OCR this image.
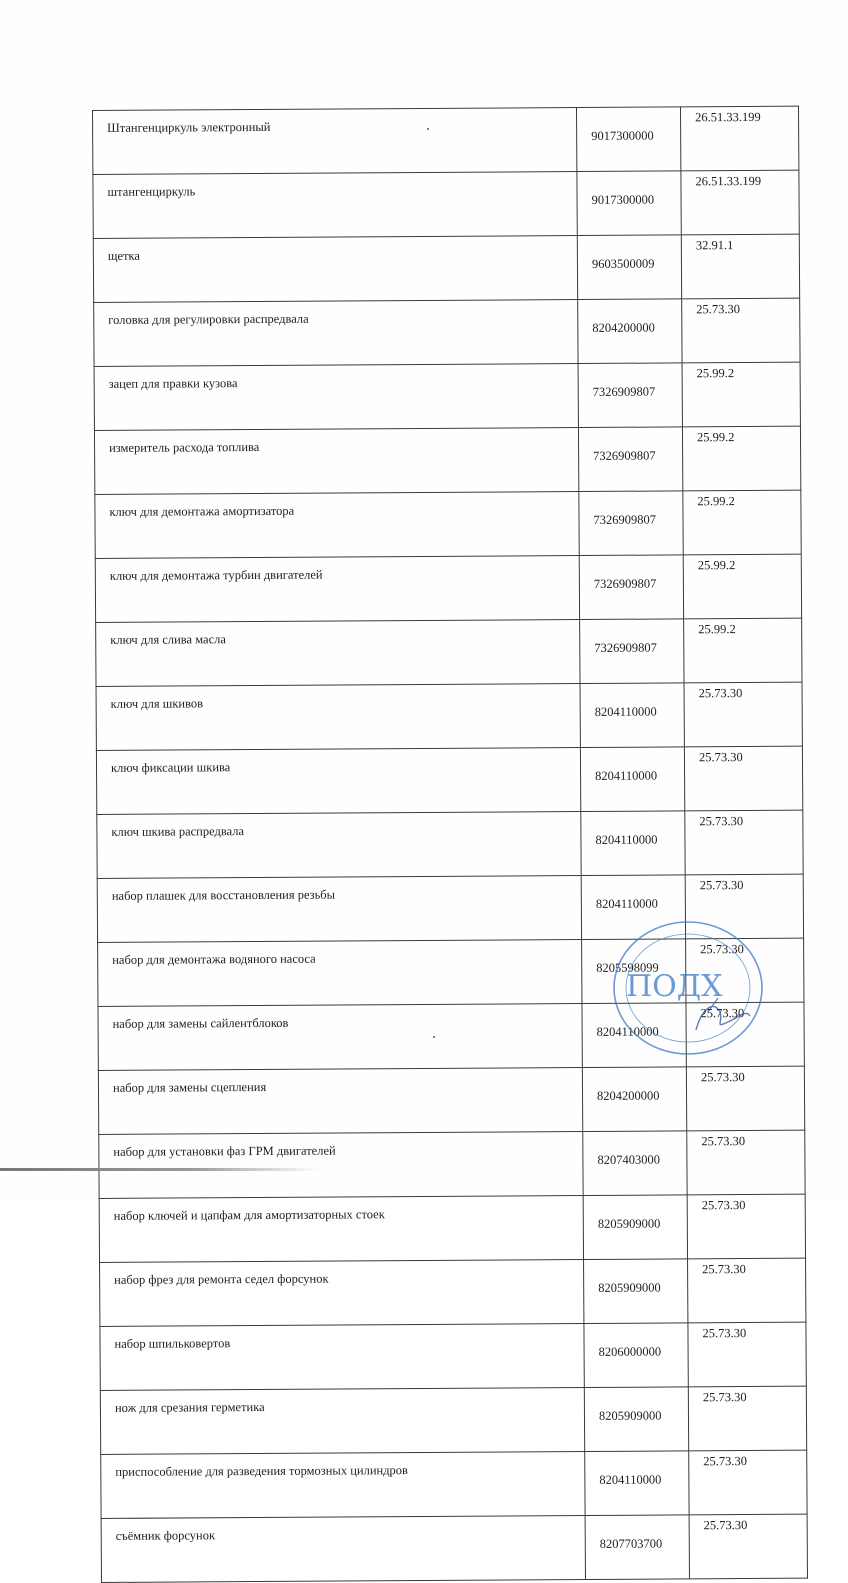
Штангенциркуль электронный	9017300000	26.51.33.199
штангенциркуль	9017300000	26.51.33.199
щетка	9603500009	32.91.1
головка для регулировки распредвала	8204200000	25.73.30
зацеп для правки кузова	7326909807	25.99.2
измеритель расхода топлива	7326909807	25.99.2
ключ для демонтажа амортизатора	7326909807	25.99.2
ключ для демонтажа турбин двигателей	7326909807	25.99.2
ключ для слива масла	7326909807	25.99.2
ключ для шкивов	8204110000	25.73.30
ключ фиксации шкива	8204110000	25.73.30
ключ шкива распредвала	8204110000	25.73.30
набор плашек для восстановления резьбы	8204110000	25.73.30
набор для демонтажа водяного насоса	8205598099	25.73.30
набор для замены сайлентблоков	8204110000	25.73.30
набор для замены сцепления	8204200000	25.73.30
набор для установки фаз ГРМ двигателей	8207403000	25.73.30
набор ключей и цапфам для амортизаторных стоек	8205909000	25.73.30
набор фрез для ремонта седел форсунок	8205909000	25.73.30
набор шпильковертов	8206000000	25.73.30
нож для срезания герметика	8205909000	25.73.30
приспособление для разведения тормозных цилиндров	8204110000	25.73.30
съёмник форсунок	8207703700	25.73.30
ПОДХ
